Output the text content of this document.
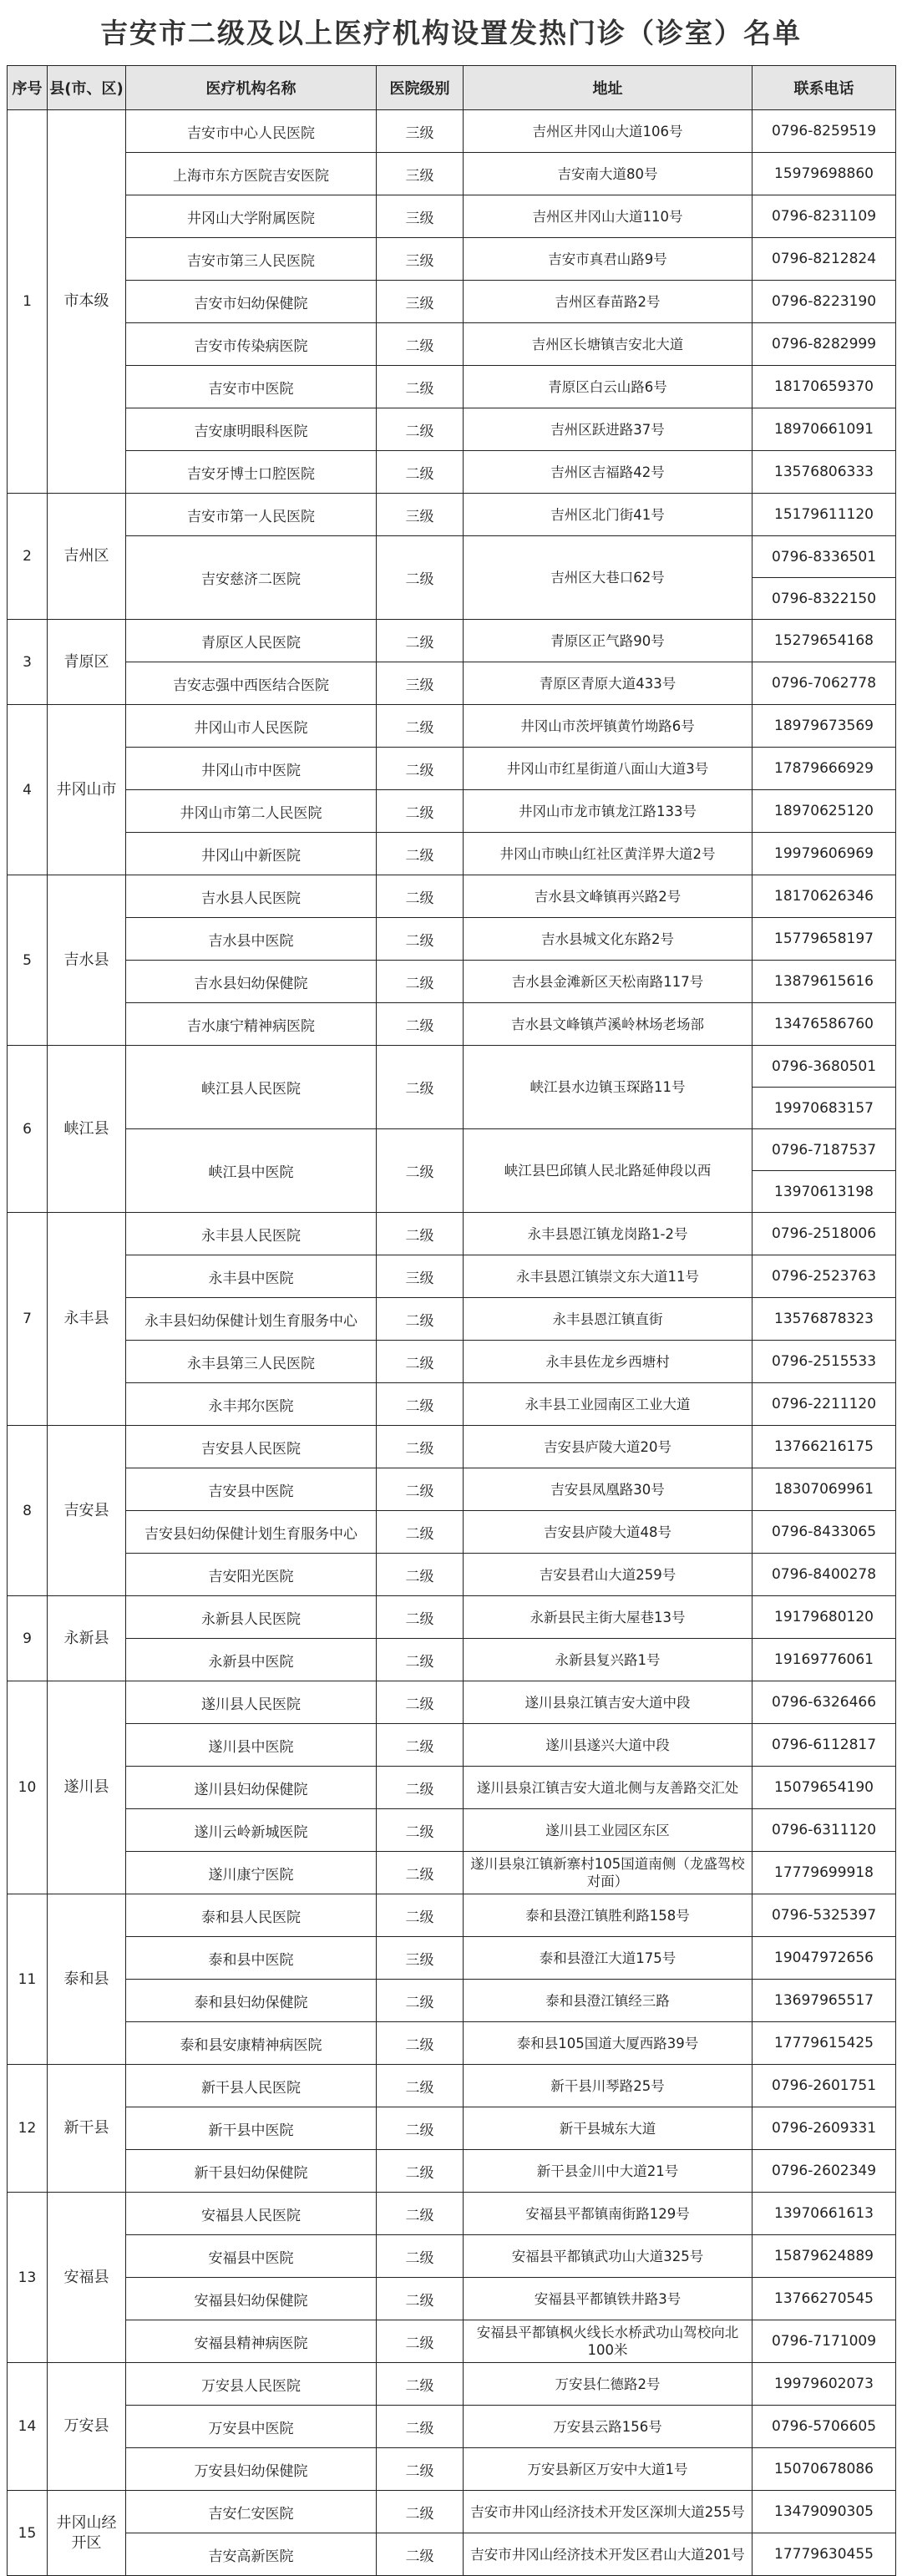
吉安市二级及以上医疗机构设置发热门诊（诊室）名单
序号	县(市、区)	医疗机构名称	医院级别	地址	联系电话
1	市本级	吉安市中心人民医院	三级	吉州区井冈山大道106号	0796-8259519
		上海市东方医院吉安医院	三级	吉安南大道80号	15979698860
		井冈山大学附属医院	三级	吉州区井冈山大道110号	0796-8231109
		吉安市第三人民医院	三级	吉安市真君山路9号	0796-8212824
		吉安市妇幼保健院	三级	吉州区春苗路2号	0796-8223190
		吉安市传染病医院	二级	吉州区长塘镇吉安北大道	0796-8282999
		吉安市中医院	二级	青原区白云山路6号	18170659370
		吉安康明眼科医院	二级	吉州区跃进路37号	18970661091
		吉安牙博士口腔医院	二级	吉州区吉福路42号	13576806333
2	吉州区	吉安市第一人民医院	三级	吉州区北门街41号	15179611120
		吉安慈济二医院	二级	吉州区大巷口62号	0796-8336501
					0796-8322150
3	青原区	青原区人民医院	二级	青原区正气路90号	15279654168
		吉安志强中西医结合医院	三级	青原区青原大道433号	0796-7062778
4	井冈山市	井冈山市人民医院	二级	井冈山市茨坪镇黄竹坳路6号	18979673569
		井冈山市中医院	二级	井冈山市红星街道八面山大道3号	17879666929
		井冈山市第二人民医院	二级	井冈山市龙市镇龙江路133号	18970625120
		井冈山中新医院	二级	井冈山市映山红社区黄洋界大道2号	19979606969
5	吉水县	吉水县人民医院	二级	吉水县文峰镇再兴路2号	18170626346
		吉水县中医院	二级	吉水县城文化东路2号	15779658197
		吉水县妇幼保健院	二级	吉水县金滩新区天松南路117号	13879615616
		吉水康宁精神病医院	二级	吉水县文峰镇芦溪岭林场老场部	13476586760
6	峡江县	峡江县人民医院	二级	峡江县水边镇玉琛路11号	0796-3680501
					19970683157
		峡江县中医院	二级	峡江县巴邱镇人民北路延伸段以西	0796-7187537
					13970613198
7	永丰县	永丰县人民医院	二级	永丰县恩江镇龙岗路1-2号	0796-2518006
		永丰县中医院	三级	永丰县恩江镇崇文东大道11号	0796-2523763
		永丰县妇幼保健计划生育服务中心	二级	永丰县恩江镇直街	13576878323
		永丰县第三人民医院	二级	永丰县佐龙乡西塘村	0796-2515533
		永丰邦尔医院	二级	永丰县工业园南区工业大道	0796-2211120
8	吉安县	吉安县人民医院	二级	吉安县庐陵大道20号	13766216175
		吉安县中医院	二级	吉安县凤凰路30号	18307069961
		吉安县妇幼保健计划生育服务中心	二级	吉安县庐陵大道48号	0796-8433065
		吉安阳光医院	二级	吉安县君山大道259号	0796-8400278
9	永新县	永新县人民医院	二级	永新县民主街大屋巷13号	19179680120
		永新县中医院	二级	永新县复兴路1号	19169776061
10	遂川县	遂川县人民医院	二级	遂川县泉江镇吉安大道中段	0796-6326466
		遂川县中医院	二级	遂川县遂兴大道中段	0796-6112817
		遂川县妇幼保健院	二级	遂川县泉江镇吉安大道北侧与友善路交汇处	15079654190
		遂川云岭新城医院	二级	遂川县工业园区东区	0796-6311120
		遂川康宁医院	二级	遂川县泉江镇新寨村105国道南侧（龙盛驾校对面）	17779699918
11	泰和县	泰和县人民医院	二级	泰和县澄江镇胜利路158号	0796-5325397
		泰和县中医院	三级	泰和县澄江大道175号	19047972656
		泰和县妇幼保健院	二级	泰和县澄江镇经三路	13697965517
		泰和县安康精神病医院	二级	泰和县105国道大厦西路39号	17779615425
12	新干县	新干县人民医院	二级	新干县川琴路25号	0796-2601751
		新干县中医院	二级	新干县城东大道	0796-2609331
		新干县妇幼保健院	二级	新干县金川中大道21号	0796-2602349
13	安福县	安福县人民医院	二级	安福县平都镇南街路129号	13970661613
		安福县中医院	二级	安福县平都镇武功山大道325号	15879624889
		安福县妇幼保健院	二级	安福县平都镇铁井路3号	13766270545
		安福县精神病医院	二级	安福县平都镇枫火线长水桥武功山驾校向北100米	0796-7171009
14	万安县	万安县人民医院	二级	万安县仁德路2号	19979602073
		万安县中医院	二级	万安县云路156号	0796-5706605
		万安县妇幼保健院	二级	万安县新区万安中大道1号	15070678086
15	井冈山经开区	吉安仁安医院	二级	吉安市井冈山经济技术开发区深圳大道255号	13479090305
		吉安高新医院	二级	吉安市井冈山经济技术开发区君山大道201号	17779630455
